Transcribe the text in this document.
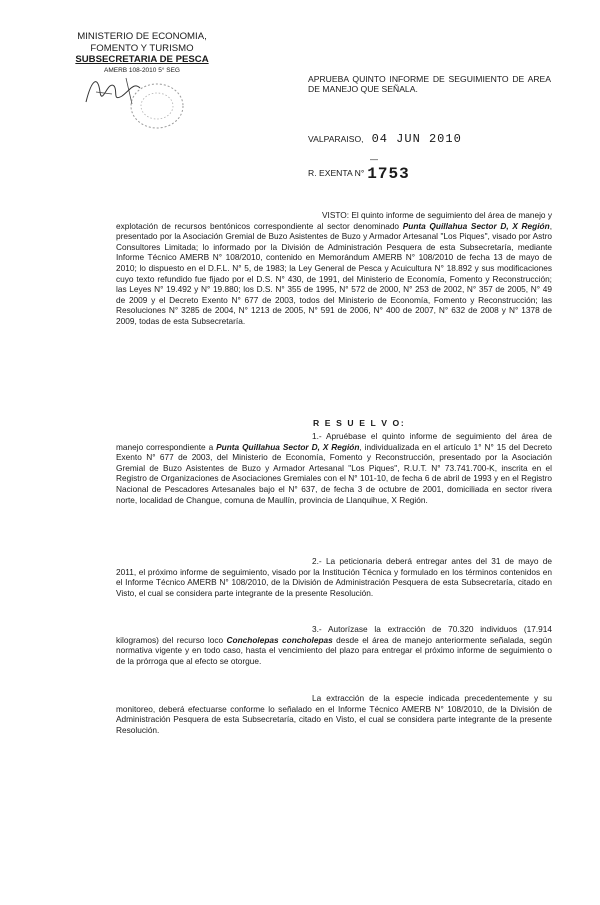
MINISTERIO DE ECONOMIA,
FOMENTO Y TURISMO
SUBSECRETARIA DE PESCA
AMERB 108-2010 5° SEG
APRUEBA QUINTO INFORME DE SEGUIMIENTO DE AREA DE MANEJO QUE SEÑALA.
VALPARAISO, 04 JUN 2010
—
R. EXENTA N° 1753
VISTO: El quinto informe de seguimiento del área de manejo y explotación de recursos bentónicos correspondiente al sector denominado Punta Quillahua Sector D, X Región, presentado por la Asociación Gremial de Buzo Asistentes de Buzo y Armador Artesanal "Los Piques", visado por Astro Consultores Limitada; lo informado por la División de Administración Pesquera de esta Subsecretaría, mediante Informe Técnico AMERB N° 108/2010, contenido en Memorándum AMERB N° 108/2010 de fecha 13 de mayo de 2010; lo dispuesto en el D.F.L. N° 5, de 1983; la Ley General de Pesca y Acuicultura N° 18.892 y sus modificaciones cuyo texto refundido fue fijado por el D.S. N° 430, de 1991, del Ministerio de Economía, Fomento y Reconstrucción; las Leyes N° 19.492 y N° 19.880; los D.S. N° 355 de 1995, N° 572 de 2000, N° 253 de 2002, N° 357 de 2005, N° 49 de 2009 y el Decreto Exento N° 677 de 2003, todos del Ministerio de Economía, Fomento y Reconstrucción; las Resoluciones N° 3285 de 2004, N° 1213 de 2005, N° 591 de 2006, N° 400 de 2007, N° 632 de 2008 y N° 1378 de 2009, todas de esta Subsecretaría.
R E S U E L V O:
1.- Apruébase el quinto informe de seguimiento del área de manejo correspondiente a Punta Quillahua Sector D, X Región, individualizada en el artículo 1° N° 15 del Decreto Exento N° 677 de 2003, del Ministerio de Economía, Fomento y Reconstrucción, presentado por la Asociación Gremial de Buzo Asistentes de Buzo y Armador Artesanal "Los Piques", R.U.T. N° 73.741.700-K, inscrita en el Registro de Organizaciones de Asociaciones Gremiales con el N° 101-10, de fecha 6 de abril de 1993 y en el Registro Nacional de Pescadores Artesanales bajo el N° 637, de fecha 3 de octubre de 2001, domiciliada en sector rivera norte, localidad de Changue, comuna de Maullín, provincia de Llanquihue, X Región.
2.- La peticionaria deberá entregar antes del 31 de mayo de 2011, el próximo informe de seguimiento, visado por la Institución Técnica y formulado en los términos contenidos en el Informe Técnico AMERB N° 108/2010, de la División de Administración Pesquera de esta Subsecretaría, citado en Visto, el cual se considera parte integrante de la presente Resolución.
3.- Autorízase la extracción de 70.320 individuos (17.914 kilogramos) del recurso loco Concholepas concholepas desde el área de manejo anteriormente señalada, según normativa vigente y en todo caso, hasta el vencimiento del plazo para entregar el próximo informe de seguimiento o de la prórroga que al efecto se otorgue.
La extracción de la especie indicada precedentemente y su monitoreo, deberá efectuarse conforme lo señalado en el Informe Técnico AMERB N° 108/2010, de la División de Administración Pesquera de esta Subsecretaría, citado en Visto, el cual se considera parte integrante de la presente Resolución.
